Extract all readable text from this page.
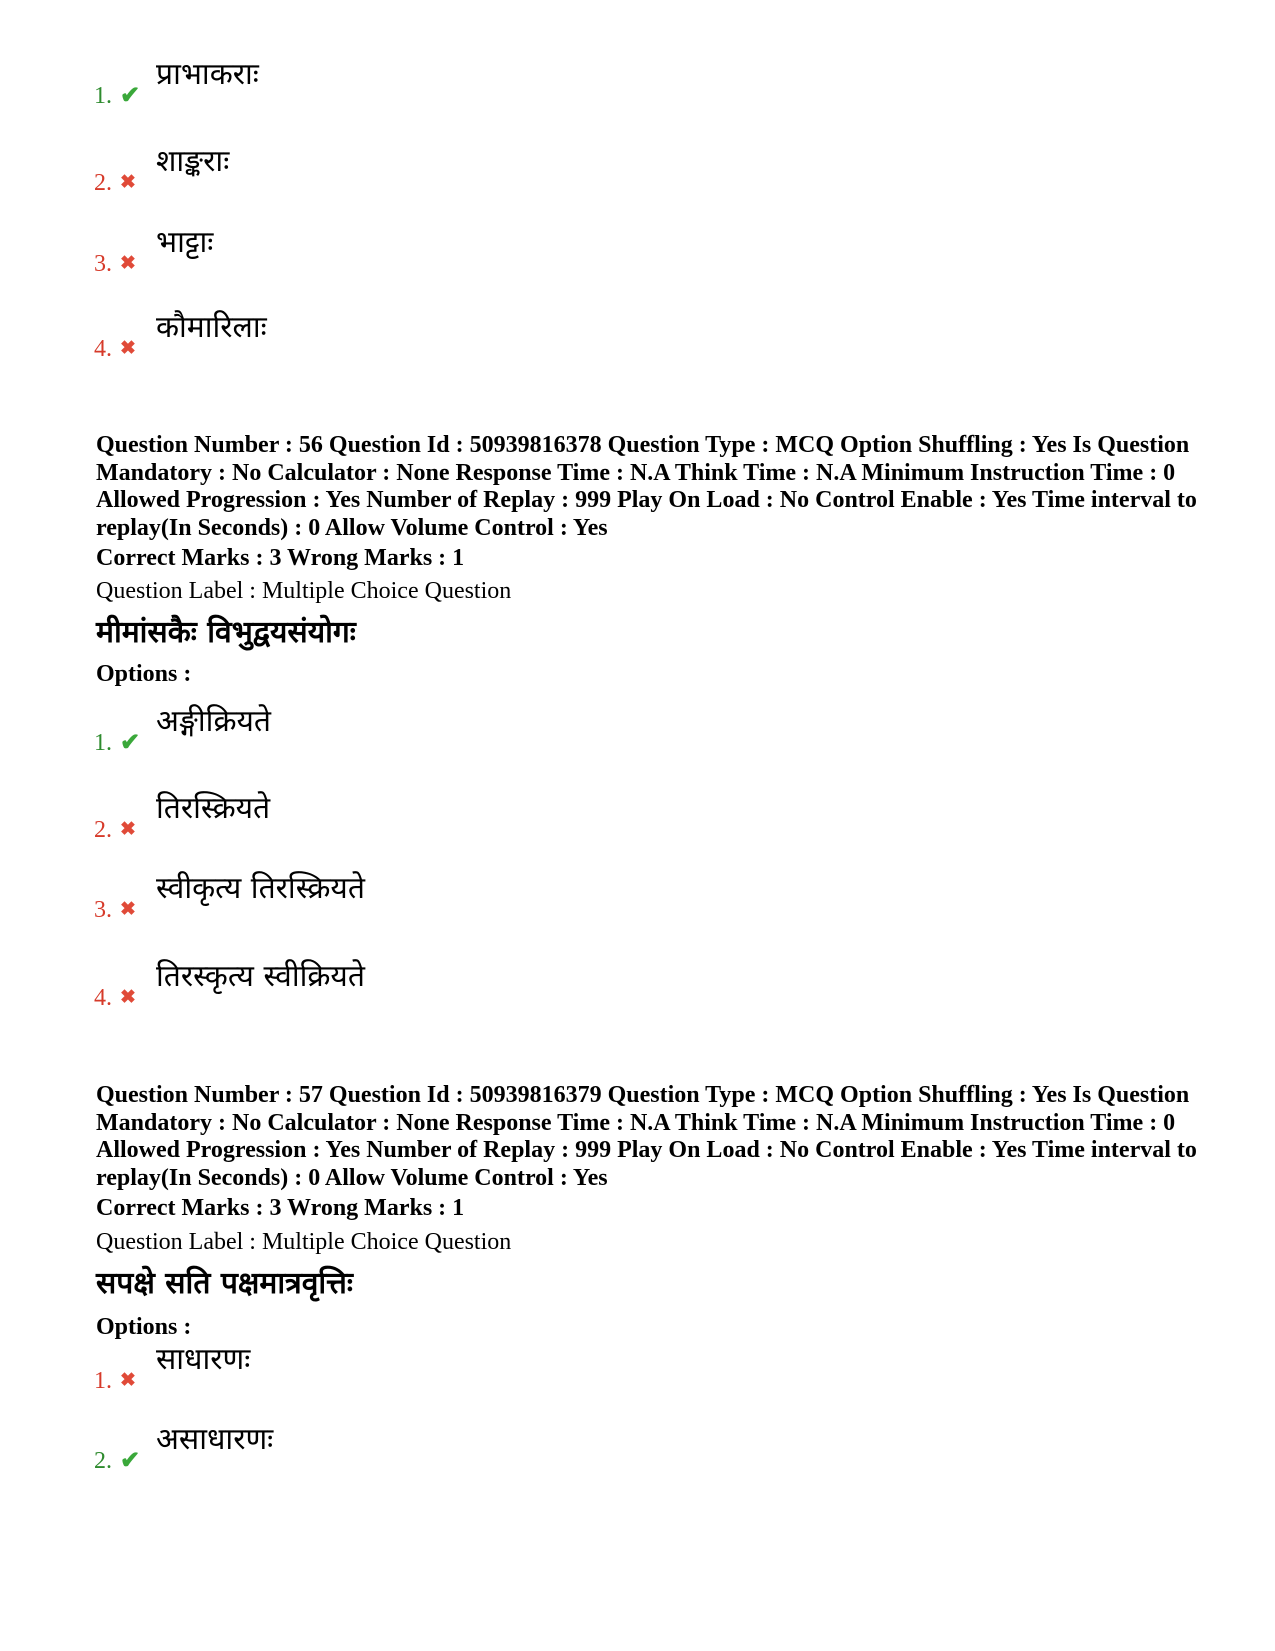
1. ✔
प्राभाकराः
2. ✖
शाङ्कराः
3. ✖
भाट्टाः
4. ✖
कौमारिलाः
Question Number : 56 Question Id : 50939816378 Question Type : MCQ Option Shuffling : Yes Is Question Mandatory : No Calculator : None Response Time : N.A Think Time : N.A Minimum Instruction Time : 0 Allowed Progression : Yes Number of Replay : 999 Play On Load : No Control Enable : Yes Time interval to replay(In Seconds) : 0 Allow Volume Control : Yes
Correct Marks : 3 Wrong Marks : 1
Question Label : Multiple Choice Question
मीमांसकैः विभुद्वयसंयोगः
Options :
1. ✔
अङ्गीक्रियते
2. ✖
तिरस्क्रियते
3. ✖
स्वीकृत्य तिरस्क्रियते
4. ✖
तिरस्कृत्य स्वीक्रियते
Question Number : 57 Question Id : 50939816379 Question Type : MCQ Option Shuffling : Yes Is Question Mandatory : No Calculator : None Response Time : N.A Think Time : N.A Minimum Instruction Time : 0 Allowed Progression : Yes Number of Replay : 999 Play On Load : No Control Enable : Yes Time interval to replay(In Seconds) : 0 Allow Volume Control : Yes
Correct Marks : 3 Wrong Marks : 1
Question Label : Multiple Choice Question
सपक्षे सति पक्षमात्रवृत्तिः
Options :
1. ✖
साधारणः
2. ✔
असाधारणः
